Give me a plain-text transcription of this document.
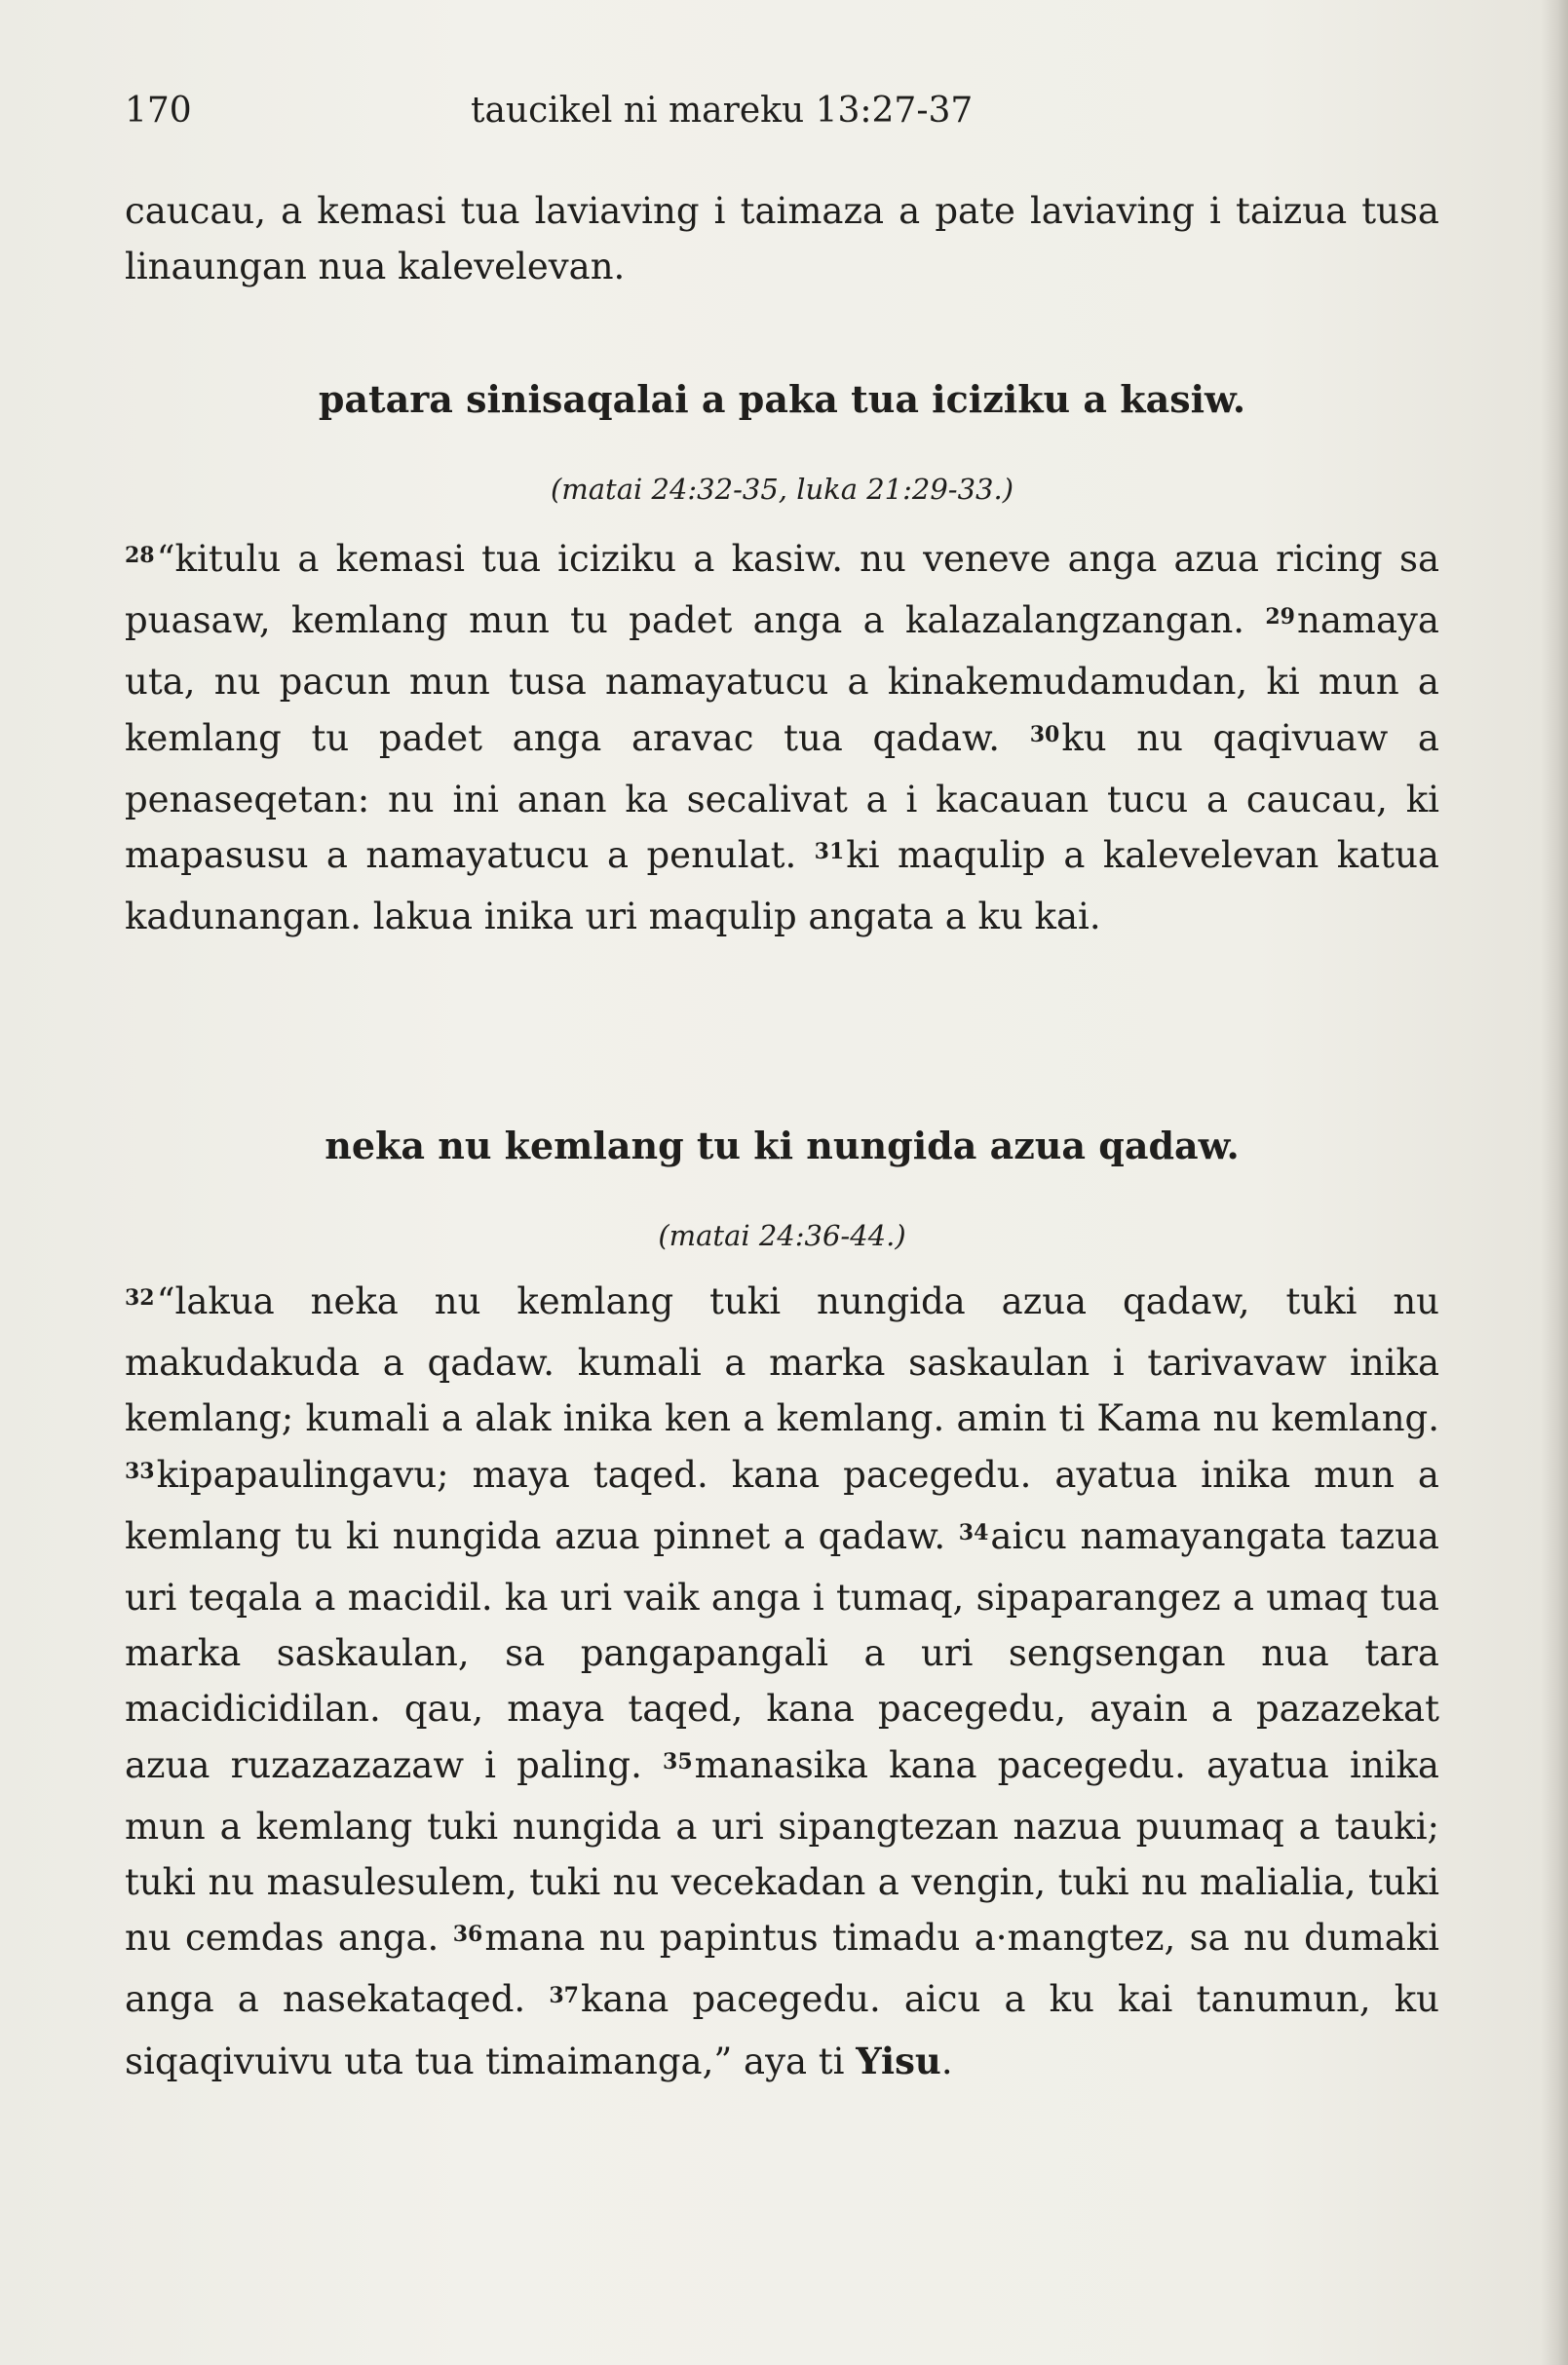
170	taucikel ni mareku 13:27-37
caucau, a kemasi tua laviaving i taimaza a pate laviaving i taizua tusa linaungan nua kalevelevan.
patara sinisaqalai a paka tua iciziku a kasiw.
(matai 24:32-35, luka 21:29-33.)
$^{28}$“kitulu a kemasi tua iciziku a kasiw. nu veneve anga azua ricing sa puasaw, kemlang mun tu padet anga a kalazalangzangan. $^{29}$namaya uta, nu pacun mun tusa namayatucu a kinakemudamudan, ki mun a kemlang tu padet anga aravac tua qadaw. $^{30}$ku nu qaqivuaw a penaseqetan: nu ini anan ka secalivat a i kacauan tucu a caucau, ki mapasusu a namayatucu a penulat. $^{31}$ki maqulip a kalevelevan katua kadunangan. lakua inika uri maqulip angata a ku kai.
neka nu kemlang tu ki nungida azua qadaw.
(matai 24:36-44.)
$^{32}$“lakua neka nu kemlang tuki nungida azua qadaw, tuki nu makudakuda a qadaw. kumali a marka saskaulan i tarivavaw inika kemlang; kumali a alak inika ken a kemlang. amin ti Kama nu kemlang. $^{33}$kipapaulingavu; maya taqed. kana pacegedu. ayatua inika mun a kemlang tu ki nungida azua pinnet a qadaw. $^{34}$aicu namayangata tazua uri teqala a macidil. ka uri vaik anga i tumaq, sipaparangez a umaq tua marka saskaulan, sa pangapangali a uri sengsengan nua tara macidicidilan. qau, maya taqed, kana pacegedu, ayain a pazazekat azua ruzazazazaw i paling. $^{35}$manasika kana pacegedu. ayatua inika mun a kemlang tuki nungida a uri sipangtezan nazua puumaq a tauki; tuki nu masulesulem, tuki nu vecekadan a vengin, tuki nu malialia, tuki nu cemdas anga. $^{36}$mana nu papintus timadu a·mangtez, sa nu dumaki anga a nasekataqed. $^{37}$kana pacegedu. aicu a ku kai tanumun, ku siqaqivuivu uta tua timaimanga,” aya ti Yisu.
